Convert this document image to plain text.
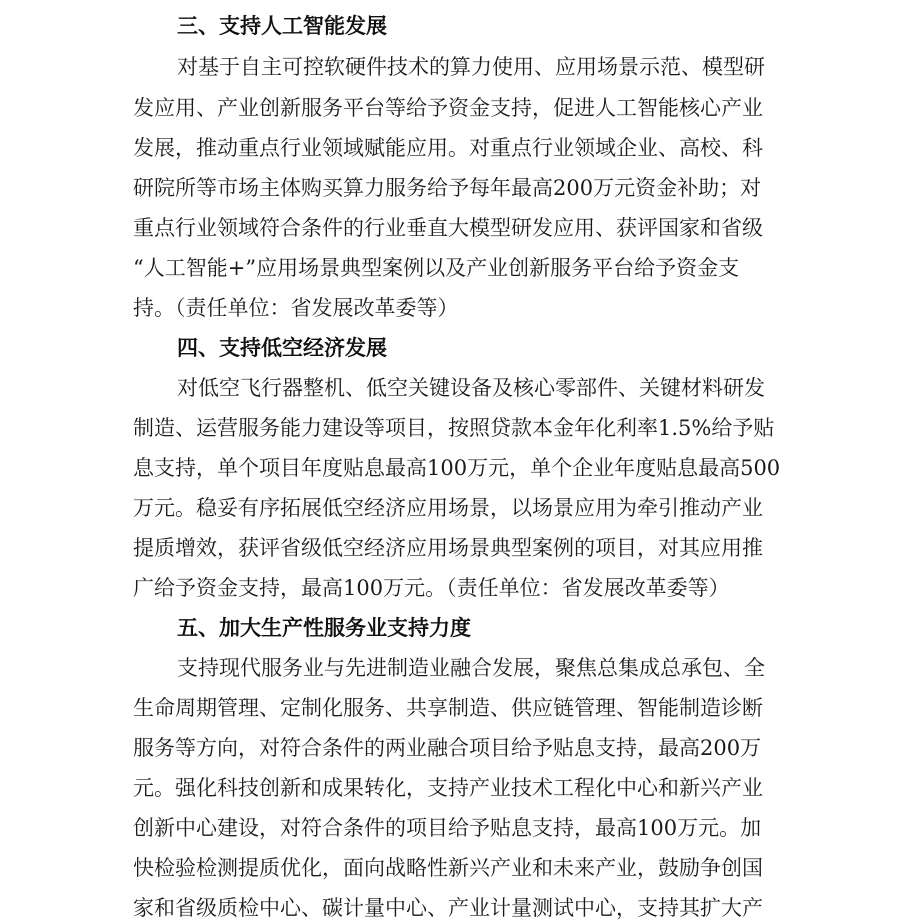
三、支持人工智能发展
对基于自主可控软硬件技术的算力使用、应用场景示范、模型研
发应用、产业创新服务平台等给予资金支持，促进人工智能核心产业
发展，推动重点行业领域赋能应用。对重点行业领域企业、高校、科
研院所等市场主体购买算力服务给予每年最高200万元资金补助；对
重点行业领域符合条件的行业垂直大模型研发应用、获评国家和省级
“人工智能+”应用场景典型案例以及产业创新服务平台给予资金支
持。（责任单位：省发展改革委等）
四、支持低空经济发展
对低空飞行器整机、低空关键设备及核心零部件、关键材料研发
制造、运营服务能力建设等项目，按照贷款本金年化利率1.5%给予贴
息支持，单个项目年度贴息最高100万元，单个企业年度贴息最高500
万元。稳妥有序拓展低空经济应用场景，以场景应用为牵引推动产业
提质增效，获评省级低空经济应用场景典型案例的项目，对其应用推
广给予资金支持，最高100万元。（责任单位：省发展改革委等）
五、加大生产性服务业支持力度
支持现代服务业与先进制造业融合发展，聚焦总集成总承包、全
生命周期管理、定制化服务、共享制造、供应链管理、智能制造诊断
服务等方向，对符合条件的两业融合项目给予贴息支持，最高200万
元。强化科技创新和成果转化，支持产业技术工程化中心和新兴产业
创新中心建设，对符合条件的项目给予贴息支持，最高100万元。加
快检验检测提质优化，面向战略性新兴产业和未来产业，鼓励争创国
家和省级质检中心、碳计量中心、产业计量测试中心，支持其扩大产
